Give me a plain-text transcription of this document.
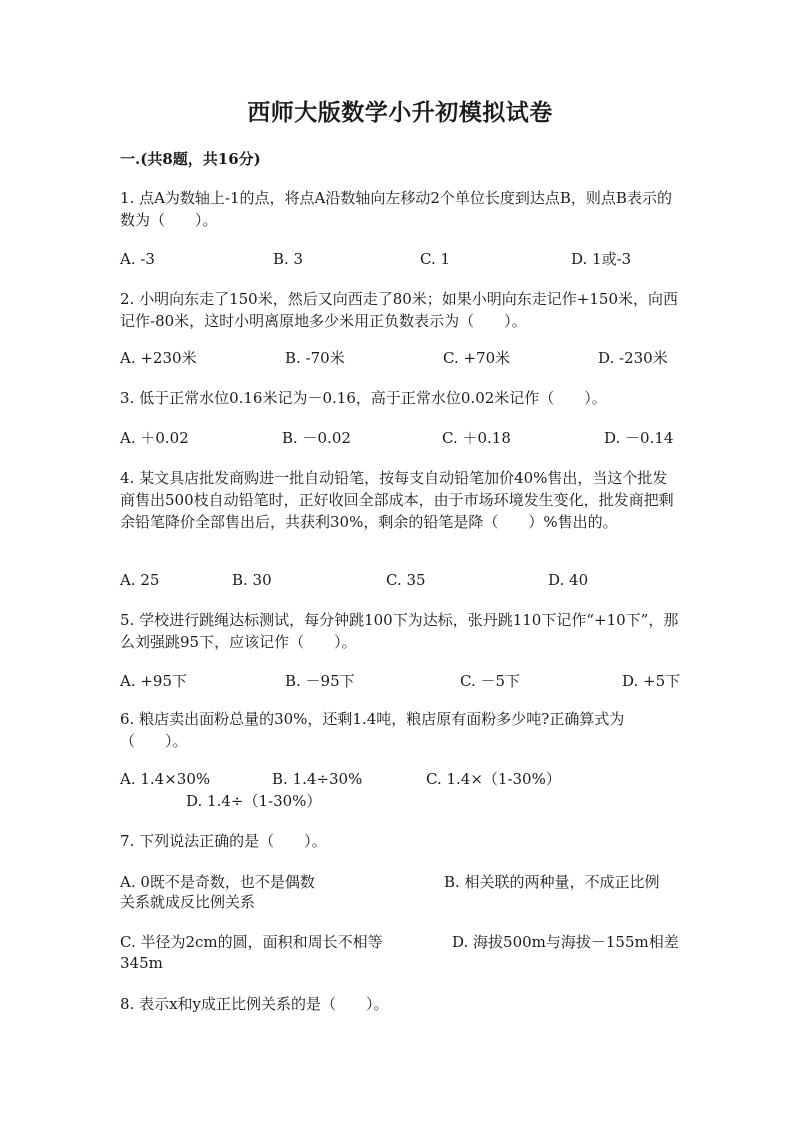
西师大版数学小升初模拟试卷
一.(共8题，共16分)
1. 点A为数轴上-1的点，将点A沿数轴向左移动2个单位长度到达点B，则点B表示的数为（　　）。
A. -3	B. 3	C. 1	D. 1或-3
2. 小明向东走了150米，然后又向西走了80米；如果小明向东走记作+150米，向西记作-80米，这时小明离原地多少米用正负数表示为（　　）。
A. +230米	B. -70米	C. +70米	D. -230米
3. 低于正常水位0.16米记为－0.16，高于正常水位0.02米记作（　　）。
A. ＋0.02	B. －0.02	C. ＋0.18	D. －0.14
4. 某文具店批发商购进一批自动铅笔，按每支自动铅笔加价40%售出，当这个批发商售出500枝自动铅笔时，正好收回全部成本，由于市场环境发生变化，批发商把剩余铅笔降价全部售出后，共获利30%，剩余的铅笔是降（　　）%售出的。
A. 25	B. 30	C. 35	D. 40
5. 学校进行跳绳达标测试，每分钟跳100下为达标，张丹跳110下记作“+10下”，那么刘强跳95下，应该记作（　　）。
A. +95下	B. －95下	C. －5下	D. +5下
6. 粮店卖出面粉总量的30%，还剩1.4吨，粮店原有面粉多少吨?正确算式为（　　）。
A. 1.4×30%	B. 1.4÷30%	C. 1.4×（1-30%）
D. 1.4÷（1-30%）
7. 下列说法正确的是（　　）。
A. 0既不是奇数，也不是偶数	B. 相关联的两种量，不成正比例
关系就成反比例关系
C. 半径为2cm的圆，面积和周长不相等	D. 海拔500m与海拔－155m相差
345m
8. 表示x和y成正比例关系的是（　　）。
